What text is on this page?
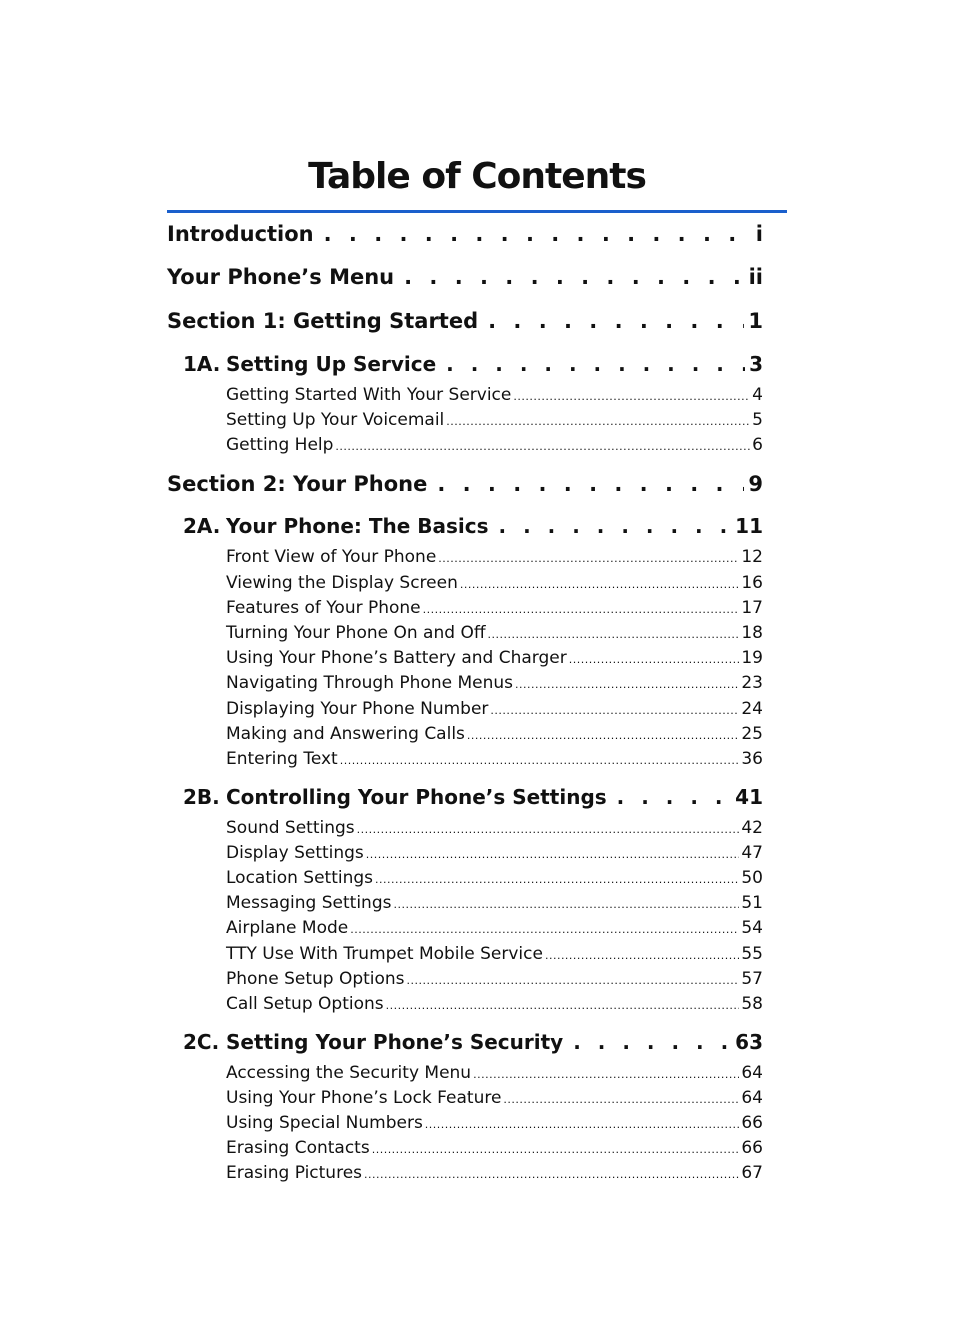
Table of Contents
Introduction . . .	i
Your Phone’s Menu . . .	ii
Section 1: Getting Started . . .	1
1A. Setting Up Service . . .	3
Getting Started With Your Service .....	4
Setting Up Your Voicemail .....	5
Getting Help .....	6
Section 2: Your Phone . . .	9
2A. Your Phone: The Basics . . .	11
Front View of Your Phone .....	12
Viewing the Display Screen .....	16
Features of Your Phone .....	17
Turning Your Phone On and Off .....	18
Using Your Phone’s Battery and Charger .....	19
Navigating Through Phone Menus .....	23
Displaying Your Phone Number .....	24
Making and Answering Calls .....	25
Entering Text .....	36
2B. Controlling Your Phone’s Settings . . .	41
Sound Settings .....	42
Display Settings .....	47
Location Settings .....	50
Messaging Settings .....	51
Airplane Mode .....	54
TTY Use With Trumpet Mobile Service .....	55
Phone Setup Options .....	57
Call Setup Options .....	58
2C. Setting Your Phone’s Security . . .	63
Accessing the Security Menu .....	64
Using Your Phone’s Lock Feature .....	64
Using Special Numbers .....	66
Erasing Contacts .....	66
Erasing Pictures .....	67
